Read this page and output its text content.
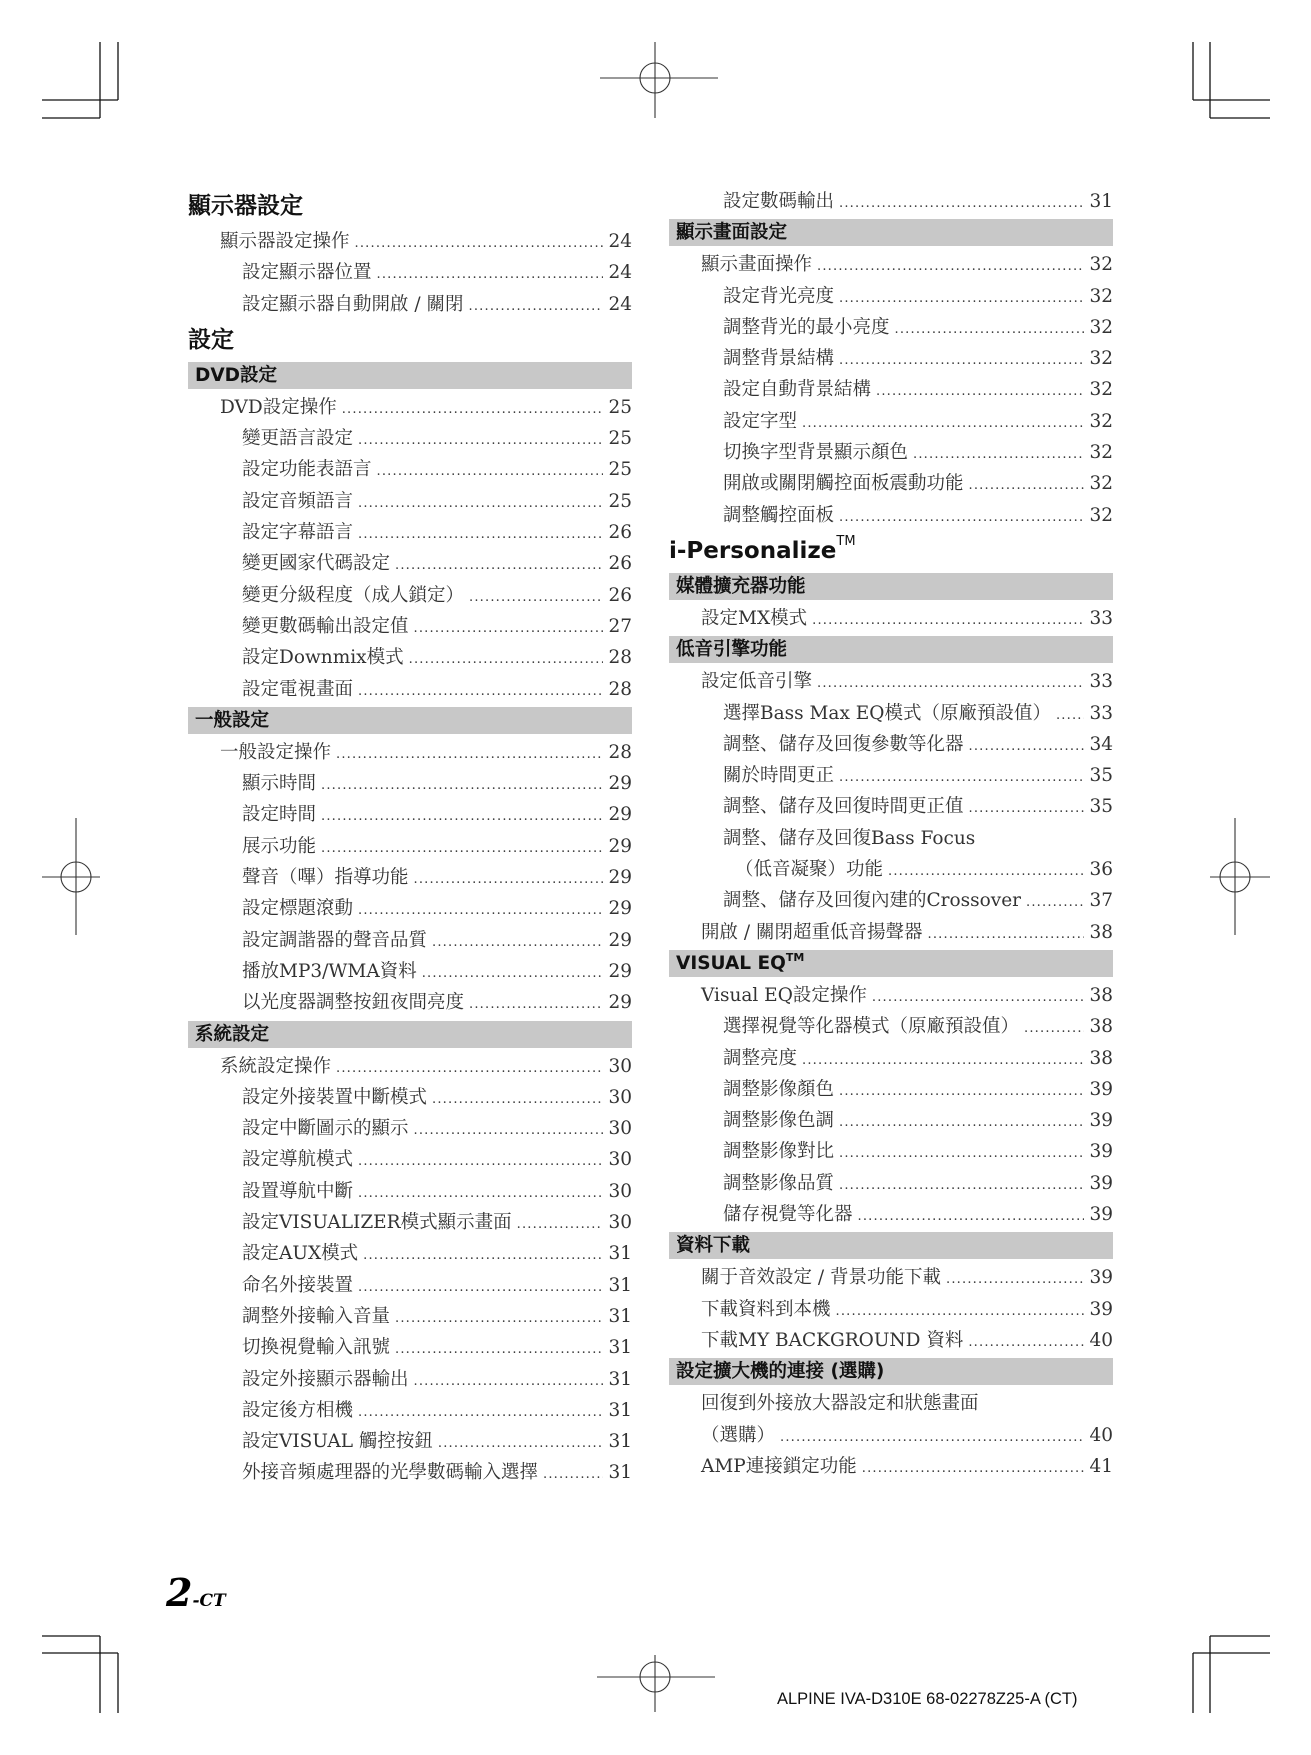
顯示器設定
顯示器設定操作 .....	24
設定顯示器位置 .....	24
設定顯示器自動開啟 / 關閉 .....	24
設定
DVD設定
DVD設定操作 .....	25
變更語言設定 .....	25
設定功能表語言 .....	25
設定音頻語言 .....	25
設定字幕語言 .....	26
變更國家代碼設定 .....	26
變更分級程度（成人鎖定） .....	26
變更數碼輸出設定值 .....	27
設定Downmix模式 .....	28
設定電視畫面 .....	28
一般設定
一般設定操作 .....	28
顯示時間 .....	29
設定時間 .....	29
展示功能 .....	29
聲音（嗶）指導功能 .....	29
設定標題滾動 .....	29
設定調諧器的聲音品質 .....	29
播放MP3/WMA資料 .....	29
以光度器調整按鈕夜間亮度 .....	29
系統設定
系統設定操作 .....	30
設定外接裝置中斷模式 .....	30
設定中斷圖示的顯示 .....	30
設定導航模式 .....	30
設置導航中斷 .....	30
設定VISUALIZER模式顯示畫面 .....	30
設定AUX模式 .....	31
命名外接裝置 .....	31
調整外接輸入音量 .....	31
切換視覺輸入訊號 .....	31
設定外接顯示器輸出 .....	31
設定後方相機 .....	31
設定VISUAL 觸控按鈕 .....	31
外接音頻處理器的光學數碼輸入選擇 .....	31
設定數碼輸出 .....	31
顯示畫面設定
顯示畫面操作 .....	32
設定背光亮度 .....	32
調整背光的最小亮度 .....	32
調整背景結構 .....	32
設定自動背景結構 .....	32
設定字型 .....	32
切換字型背景顯示顏色 .....	32
開啟或關閉觸控面板震動功能 .....	32
調整觸控面板 .....	32
i-Personalize™
媒體擴充器功能
設定MX模式 .....	33
低音引擎功能
設定低音引擎 .....	33
選擇Bass Max EQ模式（原廠預設值） ..... 33
調整、儲存及回復參數等化器 .....	34
關於時間更正 .....	35
調整、儲存及回復時間更正值 .....	35
調整、儲存及回復Bass Focus
（低音凝聚）功能 .....	36
調整、儲存及回復內建的Crossover .....	37
開啟 / 關閉超重低音揚聲器 .....	38
VISUAL EQ™
Visual EQ設定操作 .....	38
選擇視覺等化器模式（原廠預設值） .....	38
調整亮度 .....	38
調整影像顏色 .....	39
調整影像色調 .....	39
調整影像對比 .....	39
調整影像品質 .....	39
儲存視覺等化器 .....	39
資料下載
關于音效設定 / 背景功能下載 .....	39
下載資料到本機 .....	39
下載MY BACKGROUND 資料 .....	40
設定擴大機的連接 (選購)
回復到外接放大器設定和狀態畫面
（選購） .....	40
AMP連接鎖定功能 .....	41
2-CT
ALPINE IVA-D310E 68-02278Z25-A (CT)
